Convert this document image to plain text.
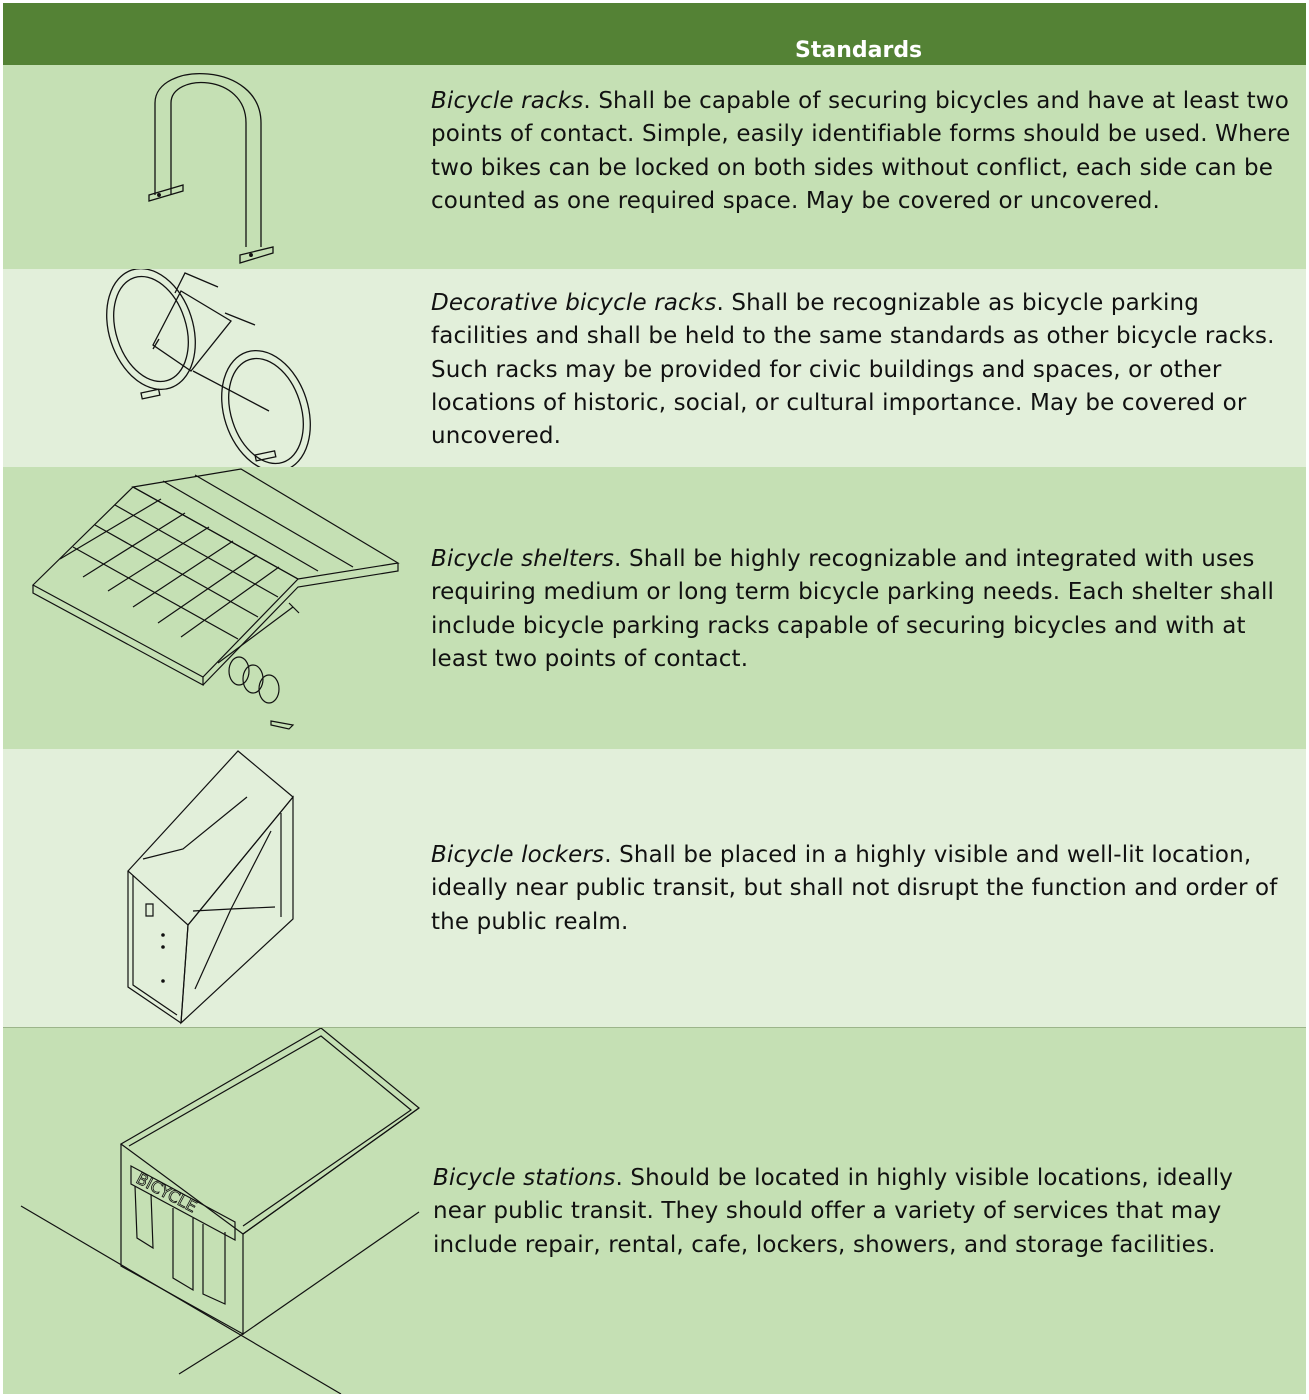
Standards
Bicycle racks. Shall be capable of securing bicycles and have at least two points of contact. Simple, easily identifiable forms should be used. Where two bikes can be locked on both sides without conflict, each side can be counted as one required space. May be covered or uncovered.
Decorative bicycle racks. Shall be recognizable as bicycle parking facilities and shall be held to the same standards as other bicycle racks. Such racks may be provided for civic buildings and spaces, or other locations of historic, social, or cultural importance. May be covered or uncovered.
Bicycle shelters. Shall be highly recognizable and integrated with uses requiring medium or long term bicycle parking needs. Each shelter shall include bicycle parking racks capable of securing bicycles and with at least two points of contact.
Bicycle lockers. Shall be placed in a highly visible and well-lit location, ideally near public transit, but shall not disrupt the function and order of the public realm.
BICYCLE	Bicycle stations. Should be located in highly visible locations, ideally near public transit. They should offer a variety of services that may include repair, rental, cafe, lockers, showers, and storage facilities.
